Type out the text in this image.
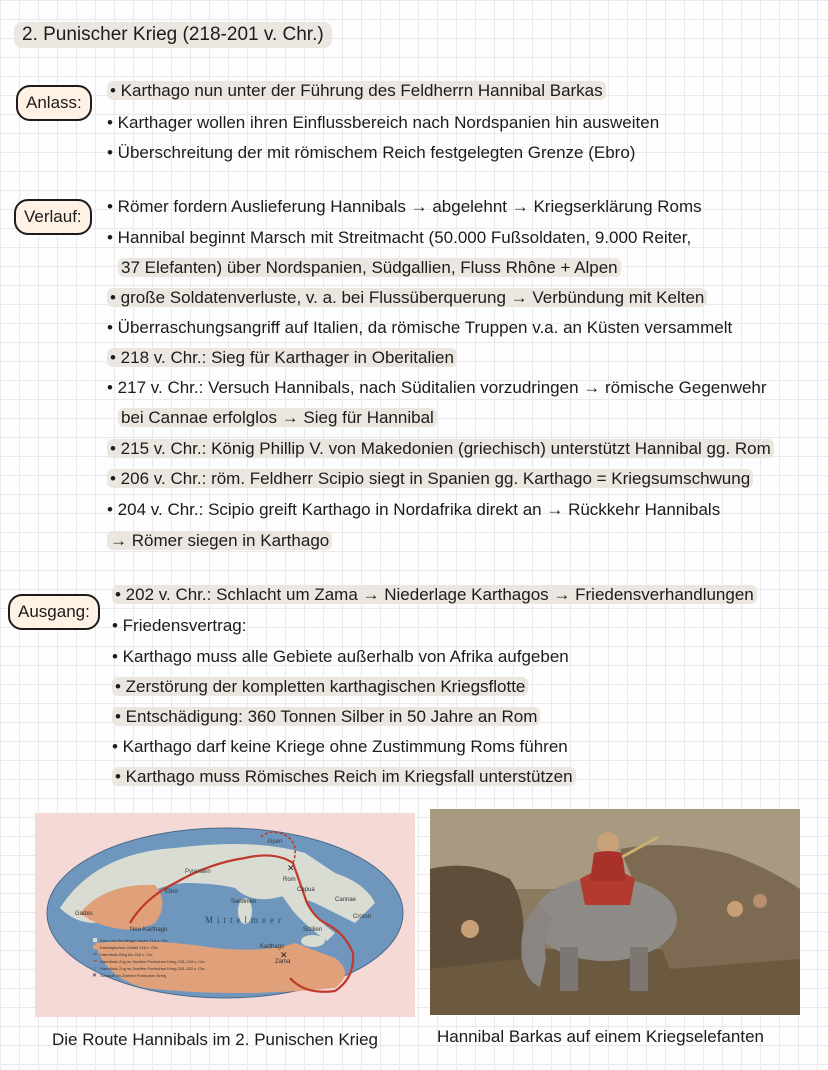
2. Punischer Krieg (218-201 v. Chr.)
Anlass:
• Karthago nun unter der Führung des Feldherrn Hannibal Barkas
• Karthager wollen ihren Einflussbereich nach Nordspanien hin ausweiten
• Überschreitung der mit römischem Reich festgelegten Grenze (Ebro)
Verlauf:
• Römer fordern Auslieferung Hannibals → abgelehnt → Kriegserklärung Roms
• Hannibal beginnt Marsch mit Streitmacht (50.000 Fußsoldaten, 9.000 Reiter,
37 Elefanten) über Nordspanien, Südgallien, Fluss Rhône + Alpen
• große Soldatenverluste, v. a. bei Flussüberquerung → Verbündung mit Kelten
• Überraschungsangriff auf Italien, da römische Truppen v.a. an Küsten versammelt
• 218 v. Chr.: Sieg für Karthager in Oberitalien
• 217 v. Chr.: Versuch Hannibals, nach Süditalien vorzudringen → römische Gegenwehr
bei Cannae erfolglos → Sieg für Hannibal
• 215 v. Chr.: König Phillip V. von Makedonien (griechisch) unterstützt Hannibal gg. Rom
• 206 v. Chr.: röm. Feldherr Scipio siegt in Spanien gg. Karthago = Kriegsumschwung
• 204 v. Chr.: Scipio greift Karthago in Nordafrika direkt an → Rückkehr Hannibals
→ Römer siegen in Karthago
Ausgang:
• 202 v. Chr.: Schlacht um Zama → Niederlage Karthagos → Friedensverhandlungen
• Friedensvertrag:
• Karthago muss alle Gebiete außerhalb von Afrika aufgeben
• Zerstörung der kompletten karthagischen Kriegsflotte
• Entschädigung: 360 Tonnen Silber in 50 Jahre an Rom
• Karthago darf keine Kriege ohne Zustimmung Roms führen
• Karthago muss Römisches Reich im Kriegsfall unterstützen
Pyrenäen
Alpen
Sardinien
Mittelmeer
Sizilien
Rom
Cannae
Zama
Gades
Karthago
Neu-Karthago
Ebro
Croton
Capua
✕
✕
Rom und Bundesgenossen 218 v. Chr.
Karthagisches Gebiet 218 v. Chr.
Hannibals Weg bis 218 v. Chr.
Hannibals Zug im Zweiten Punischen Krieg 218–216 v. Chr.
Hannibals Zug im Zweiten Punischen Krieg 203–202 v. Chr.
✕ Schlacht im Zweiten Punischen Krieg
Die Route Hannibals im 2. Punischen Krieg	Hannibal Barkas auf einem Kriegselefanten
